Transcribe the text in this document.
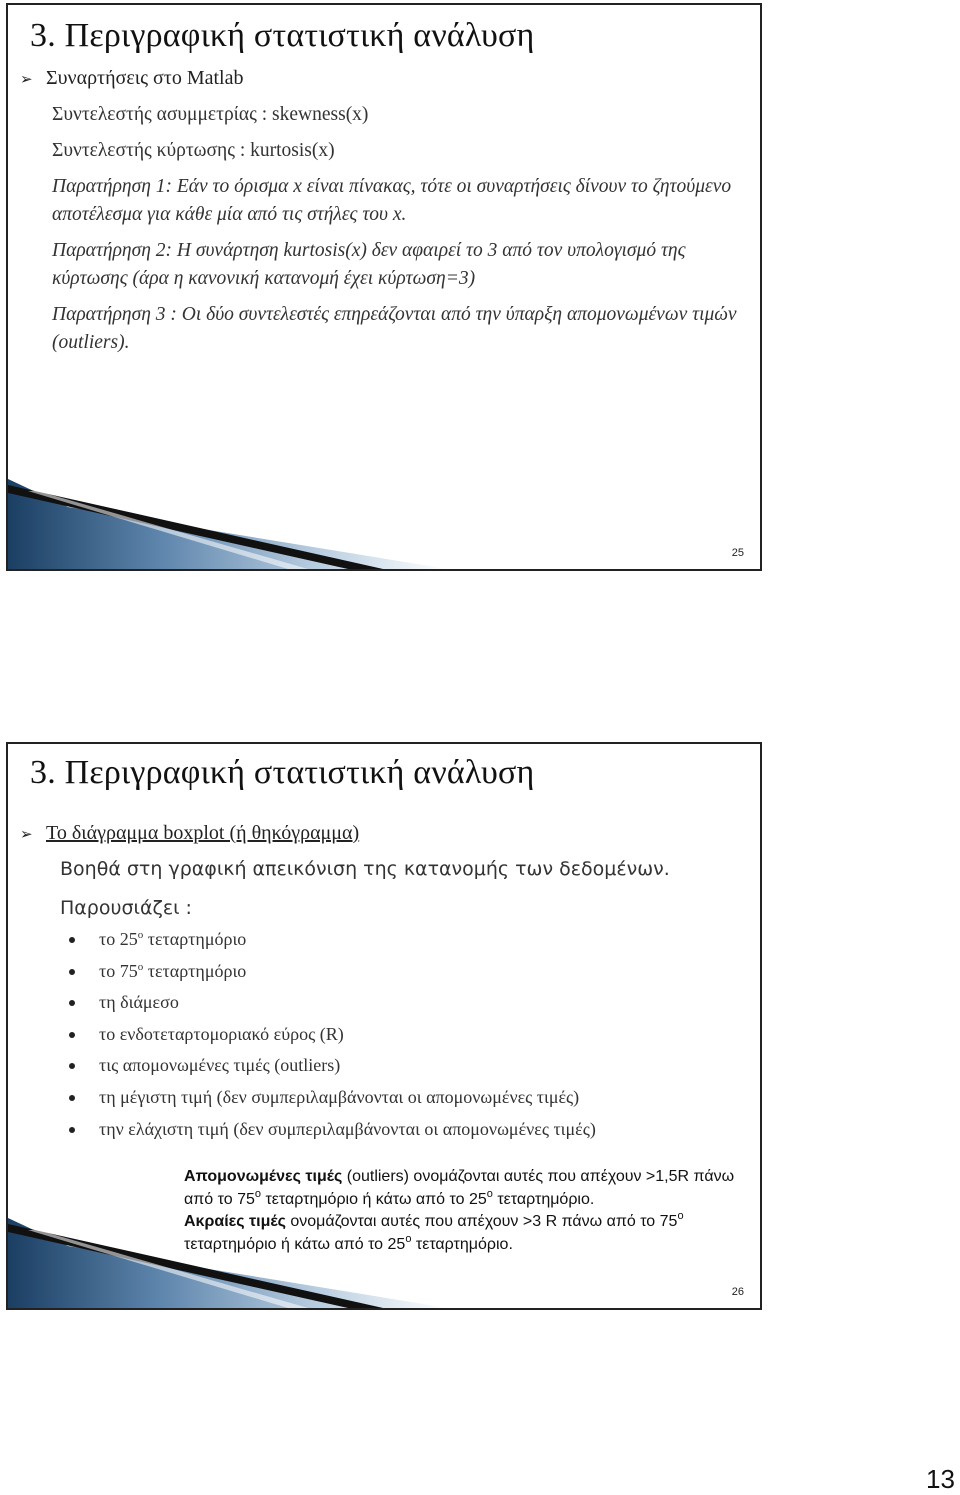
3. Περιγραφική στατιστική ανάλυση
➢ Συναρτήσεις στο Matlab
Συντελεστής ασυμμετρίας : skewness(x)
Συντελεστής κύρτωσης : kurtosis(x)
Παρατήρηση 1: Εάν το όρισμα x είναι πίνακας, τότε οι συναρτήσεις δίνουν το ζητούμενο αποτέλεσμα για κάθε μία από τις στήλες του x.
Παρατήρηση 2: Η συνάρτηση kurtosis(x) δεν αφαιρεί το 3 από τον υπολογισμό της κύρτωσης (άρα η κανονική κατανομή έχει κύρτωση=3)
Παρατήρηση 3 : Οι δύο συντελεστές επηρεάζονται από την ύπαρξη απομονωμένων τιμών (outliers).
25
3. Περιγραφική στατιστική ανάλυση
➢ Το διάγραμμα boxplot (ή θηκόγραμμα)
Βοηθά στη γραφική απεικόνιση της κατανομής των δεδομένων.
Παρουσιάζει :
το $25^o$ τεταρτημόριο
το $75^o$ τεταρτημόριο
τη διάμεσο
το ενδοτεταρτομοριακό εύρος (R)
τις απομονωμένες τιμές (outliers)
τη μέγιστη τιμή (δεν συμπεριλαμβάνονται οι απομονωμένες τιμές)
την ελάχιστη τιμή (δεν συμπεριλαμβάνονται οι απομονωμένες τιμές)

Απομονωμένες τιμές (outliers) ονομάζονται αυτές που απέχουν >1,5R πάνω από το $75^o$ τεταρτημόριο ή κάτω από το $25^o$ τεταρτημόριο.

Ακραίες τιμές ονομάζονται αυτές που απέχουν >3 R πάνω από το $75^o$ τεταρτημόριο ή κάτω από το $25^o$ τεταρτημόριο.

26
13
